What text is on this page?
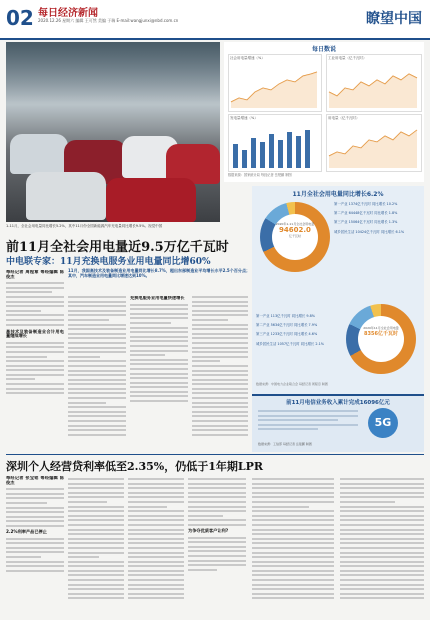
02 每日经济新闻
2020.12.26 星期六 编辑 王可然 美编 于瑞 E-mail:wangjunxi@nbd.com.cn	瞭望中国
1-11月，全社会用电量同比增长5.2%，其中11月份全国新能源汽车充电量同比增长9.5%。视觉中国
每日数说
社会用电量增速（%）	工业用电量（亿千瓦时）
发电量增速（%）	用电量（亿千瓦时）
数据来源：国家统计局 每经记者 岳楚鹏 制图
前11月全社会用电量近9.5万亿千瓦时
中电联专家：11月充换电服务业用电量同比增60%
每经记者 周程章 每经编辑 陈俊杰
高技术及装备制造业合计用电量继续增长
11月，我国高技术及装备制造业用电量同比增长8.7%，超出东部制造业平均增长水平2.5个百分点；其中，汽车制造业用电量同比增速达到10%。
充换电服务业用电量快速增长
11月全社会用电量同比增长6.2%
2020年1-11月全社会用电量
94602.0
亿千瓦时
第一产业 1374亿千瓦时 同比增长 10.2%
第二产业 64448亿千瓦时 同比增长 1.8%
第三产业 15064亿千瓦时 同比增长 1.3%
城乡居民生活 10424亿千瓦时 同比增长 6.1%
第一产业 113亿千瓦时 同比增长 9.8%
第二产业 5634亿千瓦时 同比增长 7.9%
第三产业 1233亿千瓦时 同比增长 4.6%
城乡居民生活 1057亿千瓦时 同比增长 2.1%
2020年11月全社会用电量
8356亿千瓦时
数据来源：中国电力企业联合会 每经记者 周程章 制图
前11月电信业务收入累计完成16096亿元
5G
数据来源：工信部 每经记者 岳楚鹏 制图
深圳个人经营贷利率低至2.35%，仍低于1年期LPR
每经记者 张宝铭 每经编辑 陈俊杰
2.2%利率产品已停止	为争夺优质客户让利?
